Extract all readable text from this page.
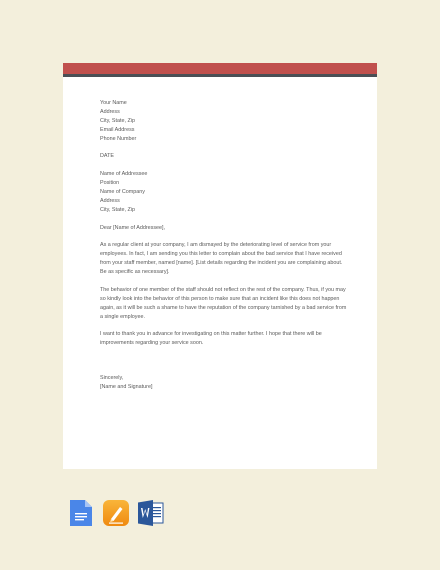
Your Name
Address
City, State, Zip
Email Address
Phone Number
DATE
Name of Addressee
Position
Name of Company
Address
City, State, Zip
Dear [Name of Addressee],
As a regular client at your company, I am dismayed by the deteriorating level of service from your
employees. In fact, I am sending you this letter to complain about the bad service that I have received
from your staff member, named [name]. [List details regarding the incident you are complaining about.
Be as specific as necessary].
The behavior of one member of the staff should not reflect on the rest of the company. Thus, if you may
so kindly look into the behavior of this person to make sure that an incident like this does not happen
again, as it will be such a shame to have the reputation of the company tarnished by a bad service from
a single employee.
I want to thank you in advance for investigating on this matter further. I hope that there will be
improvements regarding your service soon.
Sincerely,
[Name and Signature]
